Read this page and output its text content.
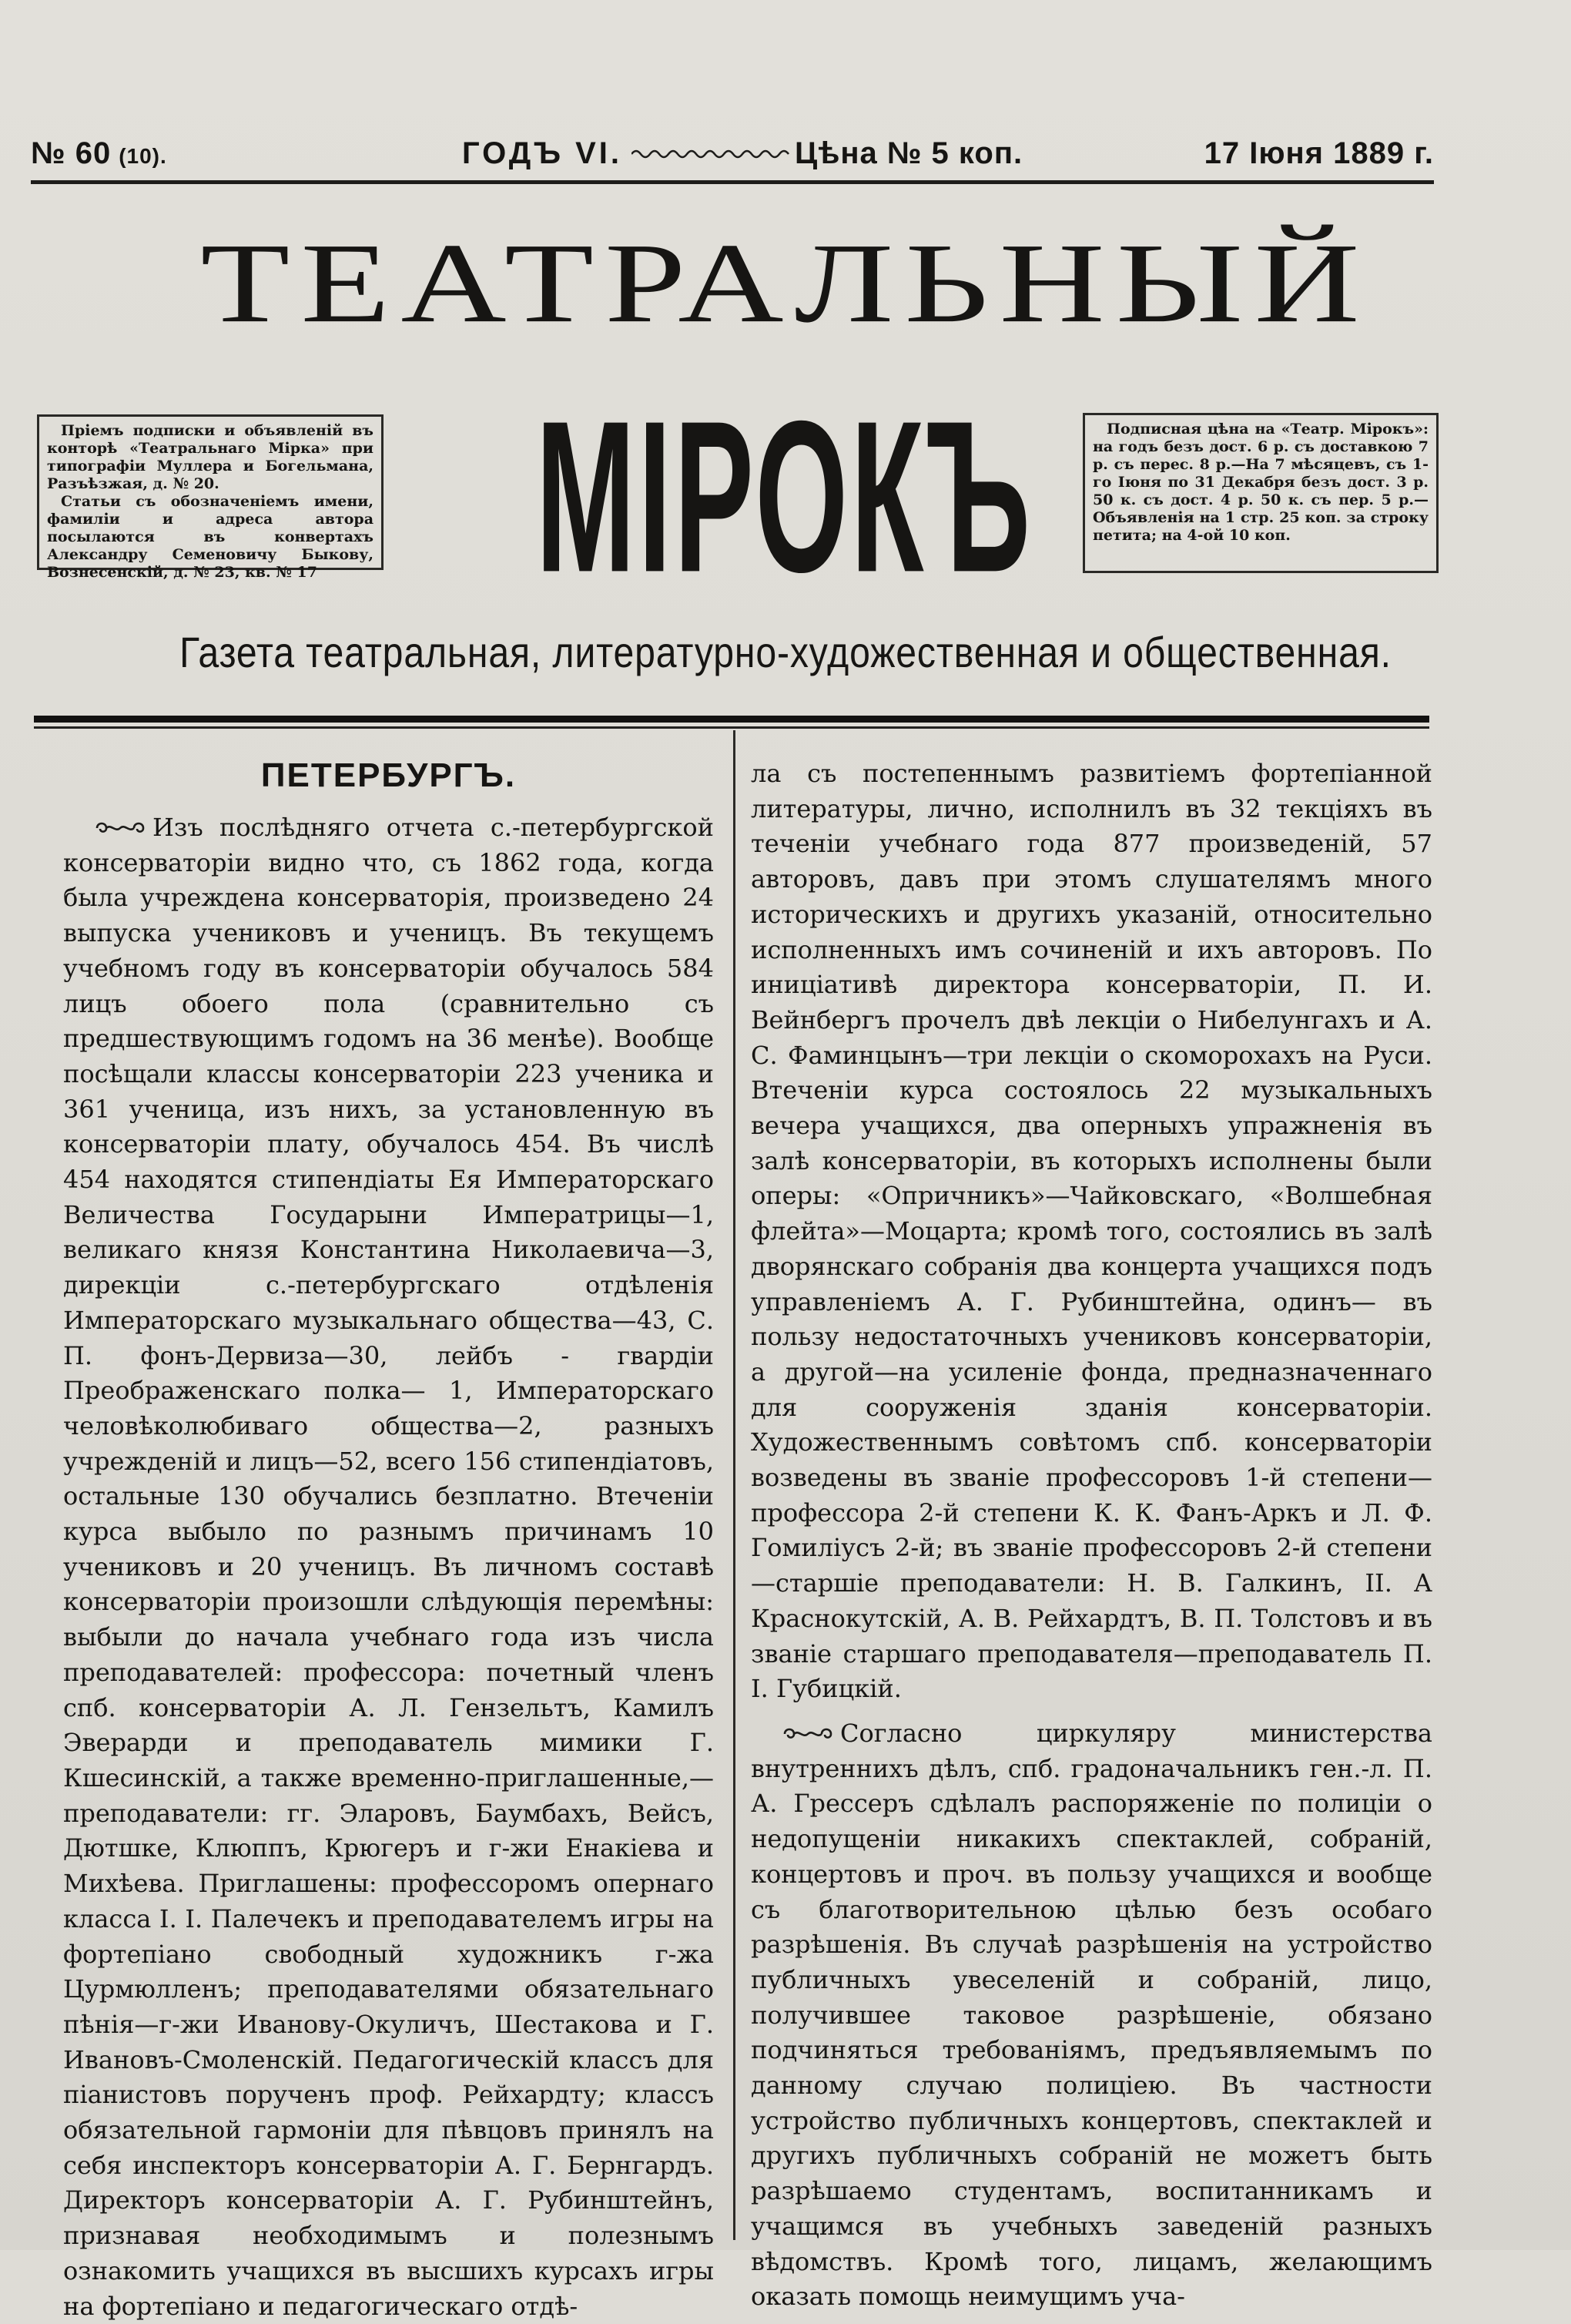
№ 60 (10).	ГОДЪ VI.	Цѣна № 5 коп.	17 Іюня 1889 г.
ТЕАТРАЛЬНЫЙ
МІРОКЪ

Пріемъ подписки и объявленій въ конторѣ «Театральнаго Мірка» при типографіи Муллера и Богельмана, Разъѣзжая, д. № 20.

Статьи съ обозначеніемъ имени, фамиліи и адреса автора посылаются въ конвертахъ Александру Семеновичу Быкову, Вознесенскій, д. № 23, кв. № 17

Подписная цѣна на «Театр. Мірокъ»: на годъ безъ дост. 6 р. съ доставкою 7 р. съ перес. 8 р.—На 7 мѣсяцевъ, съ 1-го Іюня по 31 Декабря безъ дост. 3 р. 50 к. съ дост. 4 р. 50 к. съ пер. 5 р.—Объявленія на 1 стр. 25 коп. за строку петита; на 4-ой 10 коп.

Газета театральная, литературно-художественная и общественная.
ПЕТЕРБУРГЪ.

Изъ послѣдняго отчета с.-петербургской консерваторіи видно что, съ 1862 года, когда была учреждена консерваторія, произведено 24 выпуска учениковъ и ученицъ. Въ текущемъ учебномъ году въ консерваторіи обучалось 584 лицъ обоего пола (сравнительно съ предшествующимъ годомъ на 36 менѣе). Вообще посѣщали классы консерваторіи 223 ученика и 361 ученица, изъ нихъ, за установленную въ консерваторіи плату, обучалось 454. Въ числѣ 454 находятся стипендіаты Ея Императорскаго Величества Государыни Императрицы—1, великаго князя Константина Николаевича—3, дирекціи с.-петербургскаго отдѣленія Императорскаго музыкальнаго общества—43, С. П. фонъ-Дервиза—30, лейбъ - гвардіи Преображенскаго полка— 1, Императорскаго человѣколюбиваго общества—2, разныхъ учрежденій и лицъ—52, всего 156 стипендіатовъ, остальные 130 обучались безплатно. Втеченіи курса выбыло по разнымъ причинамъ 10 учениковъ и 20 ученицъ. Въ личномъ составѣ консерваторіи произошли слѣдующія перемѣны: выбыли до начала учебнаго года изъ числа преподавателей: профессора: почетный членъ спб. консерваторіи А. Л. Гензельтъ, Камилъ Эверарди и преподаватель мимики Г. Кшесинскій, а также временно-приглашенные,—преподаватели: гг. Эларовъ, Баумбахъ, Вейсъ, Дютшке, Клюппъ, Крюгеръ и г-жи Енакіева и Михѣева. Приглашены: профессоромъ опернаго класса І. І. Палечекъ и преподавателемъ игры на фортепіано свободный художникъ г-жа Цурмюлленъ; преподавателями обязательнаго пѣнія—г-жи Иванову-Окуличъ, Шестакова и Г. Ивановъ-Смоленскій. Педагогическій классъ для піанистовъ порученъ проф. Рейхардту; классъ обязательной гармоніи для пѣвцовъ принялъ на себя инспекторъ консерваторіи А. Г. Бернгардъ. Директоръ консерваторіи А. Г. Рубинштейнъ, признавая необходимымъ и полезнымъ ознакомить учащихся въ высшихъ курсахъ игры на фортепіано и педагогическаго отдѣ-

ла съ постепеннымъ развитіемъ фортепіанной литературы, лично, исполнилъ въ 32 текціяхъ въ теченіи учебнаго года 877 произведеній, 57 авторовъ, давъ при этомъ слушателямъ много историческихъ и другихъ указаній, относительно исполненныхъ имъ сочиненій и ихъ авторовъ. По иниціативѣ директора консерваторіи, П. И. Вейнбергъ прочелъ двѣ лекціи о Нибелунгахъ и А. С. Фаминцынъ—три лекціи о скоморохахъ на Руси. Втеченіи курса состоялось 22 музыкальныхъ вечера учащихся, два оперныхъ упражненія въ залѣ консерваторіи, въ которыхъ исполнены были оперы: «Опричникъ»—Чайковскаго, «Волшебная флейта»—Моцарта; кромѣ того, состоялись въ залѣ дворянскаго собранія два концерта учащихся подъ управленіемъ А. Г. Рубинштейна, одинъ— въ пользу недостаточныхъ учениковъ консерваторіи, а другой—на усиленіе фонда, предназначеннаго для сооруженія зданія консерваторіи. Художественнымъ совѣтомъ спб. консерваторіи возведены въ званіе профессоровъ 1-й степени—профессора 2-й степени К. К. Фанъ-Аркъ и Л. Ф. Гомилiусъ 2-й; въ званіе профессоровъ 2-й степени—старшіе преподаватели: Н. В. Галкинъ, ІІ. А Краснокутскій, А. В. Рейхардтъ, В. П. Толстовъ и въ званіе старшаго преподавателя—преподаватель П. І. Губицкій.

Согласно циркуляру министерства внутреннихъ дѣлъ, спб. градоначальникъ ген.-л. П. А. Грессеръ сдѣлалъ распоряженіе по полиціи о недопущеніи никакихъ спектаклей, собраній, концертовъ и проч. въ пользу учащихся и вообще съ благотворительною цѣлью безъ особаго разрѣшенія. Въ случаѣ разрѣшенія на устройство публичныхъ увеселеній и собраній, лицо, получившее таковое разрѣшеніе, обязано подчиняться требованіямъ, предъявляемымъ по данному случаю полиціею. Въ частности устройство публичныхъ концертовъ, спектаклей и другихъ публичныхъ собраній не можетъ быть разрѣшаемо студентамъ, воспитанникамъ и учащимся въ учебныхъ заведеній разныхъ вѣдомствъ. Кромѣ того, лицамъ, желающимъ оказать помощь неимущимъ уча-
